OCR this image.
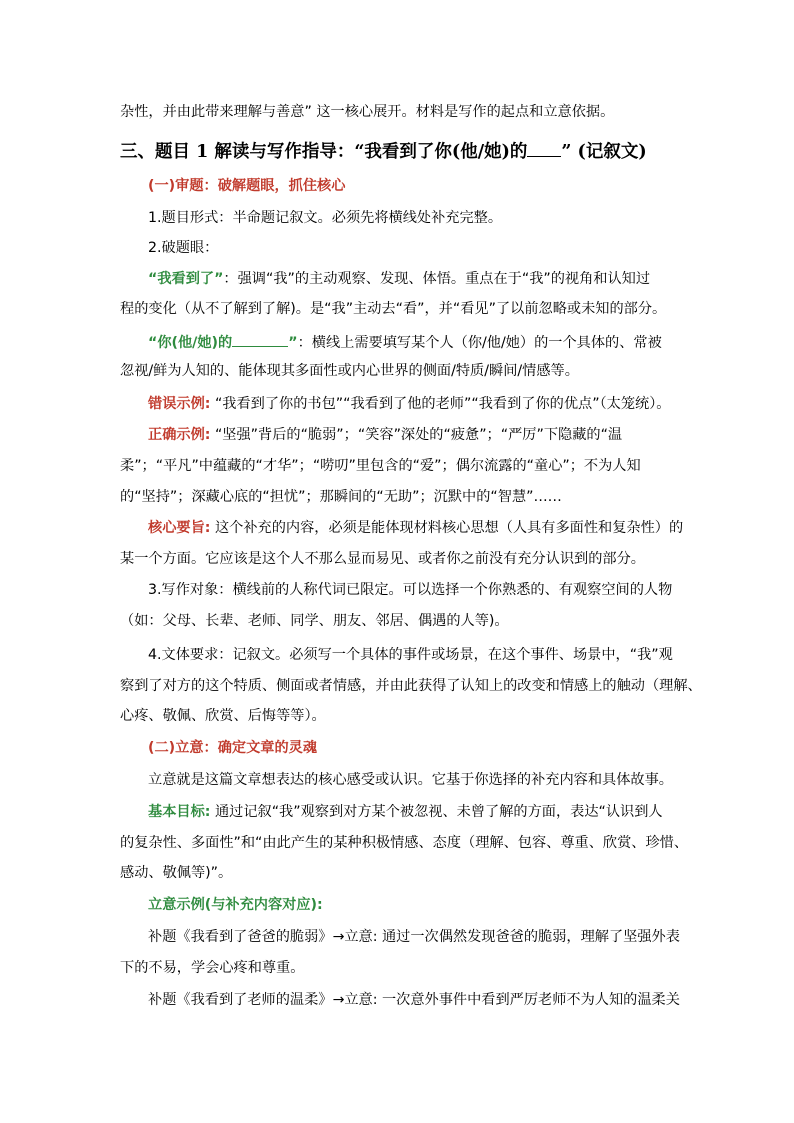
杂性，并由此带来理解与善意” 这一核心展开。材料是写作的起点和立意依据。
三、题目 1 解读与写作指导：“我看到了你(他/她)的 ” (记叙文)
(一)审题：破解题眼，抓住核心
1.题目形式：半命题记叙文。必须先将横线处补充完整。
2.破题眼：
“我看到了”：强调“我”的主动观察、发现、体悟。重点在于“我”的视角和认知过
程的变化（从不了解到了解)。是“我”主动去“看”，并“看见”了以前忽略或未知的部分。
“你(他/她)的	”：横线上需要填写某个人（你/他/她）的一个具体的、常被
忽视/鲜为人知的、能体现其多面性或内心世界的侧面/特质/瞬间/情感等。
错误示例: “我看到了你的书包”“我看到了他的老师”“我看到了你的优点”（太笼统）。
正确示例: “坚强”背后的“脆弱”；“笑容”深处的“疲惫”；“严厉”下隐藏的“温
柔”；“平凡”中蕴藏的“才华”；“唠叨”里包含的“爱”；偶尔流露的“童心”；不为人知
的“坚持”；深藏心底的“担忧”；那瞬间的“无助”；沉默中的“智慧”……
核心要旨: 这个补充的内容，必须是能体现材料核心思想（人具有多面性和复杂性）的
某一个方面。它应该是这个人不那么显而易见、或者你之前没有充分认识到的部分。
3.写作对象：横线前的人称代词已限定。可以选择一个你熟悉的、有观察空间的人物
（如：父母、长辈、老师、同学、朋友、邻居、偶遇的人等)。
4.文体要求：记叙文。必须写一个具体的事件或场景，在这个事件、场景中，“我”观
察到了对方的这个特质、侧面或者情感，并由此获得了认知上的改变和情感上的触动（理解、
心疼、敬佩、欣赏、后悔等等）。
(二)立意：确定文章的灵魂
立意就是这篇文章想表达的核心感受或认识。它基于你选择的补充内容和具体故事。
基本目标: 通过记叙“我”观察到对方某个被忽视、未曾了解的方面，表达“认识到人
的复杂性、多面性”和“由此产生的某种积极情感、态度（理解、包容、尊重、欣赏、珍惜、
感动、敬佩等)”。
立意示例(与补充内容对应):
补题《我看到了爸爸的脆弱》→立意: 通过一次偶然发现爸爸的脆弱，理解了坚强外表
下的不易，学会心疼和尊重。
补题《我看到了老师的温柔》→立意: 一次意外事件中看到严厉老师不为人知的温柔关
